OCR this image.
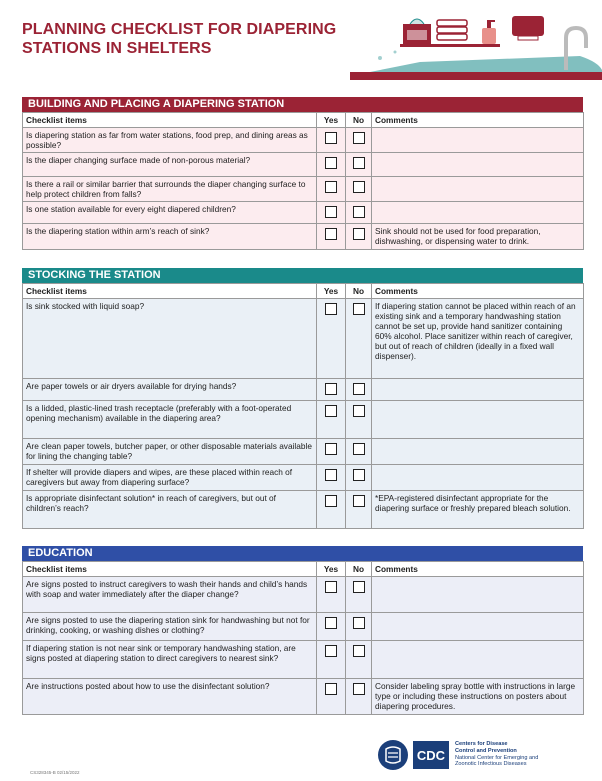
PLANNING CHECKLIST FOR DIAPERING STATIONS IN SHELTERS
BUILDING AND PLACING A DIAPERING STATION
Checklist items	Yes	No	Comments
Is diapering station as far from water stations, food prep, and dining areas as possible?			
Is the diaper changing surface made of non-porous material?			
Is there a rail or similar barrier that surrounds the diaper changing surface to help protect children from falls?			
Is one station available for every eight diapered children?			
Is the diapering station within arm’s reach of sink?			Sink should not be used for food preparation, dishwashing, or dispensing water to drink.
STOCKING THE STATION
Checklist items	Yes	No	Comments
Is sink stocked with liquid soap?			If diapering station cannot be placed within reach of an existing sink and a temporary handwashing station cannot be set up, provide hand sanitizer containing 60% alcohol. Place sanitizer within reach of caregiver, but out of reach of children (ideally in a fixed wall dispenser).
Are paper towels or air dryers available for drying hands?			
Is a lidded, plastic-lined trash receptacle (preferably with a foot-operated opening mechanism) available in the diapering area?			
Are clean paper towels, butcher paper, or other disposable materials available for lining the changing table?			
If shelter will provide diapers and wipes, are these placed within reach of caregivers but away from diapering surface?			
Is appropriate disinfectant solution* in reach of caregivers, but out of children’s reach?			*EPA-registered disinfectant appropriate for the diapering surface or freshly prepared bleach solution.
EDUCATION
Checklist items	Yes	No	Comments
Are signs posted to instruct caregivers to wash their hands and child’s hands with soap and water immediately after the diaper change?			
Are signs posted to use the diapering station sink for handwashing but not for drinking, cooking, or washing dishes or clothing?			
If diapering station is not near sink or temporary handwashing station, are signs posted at diapering station to direct caregivers to nearest sink?			
Are instructions posted about how to use the disinfectant solution?			Consider labeling spray bottle with instructions in large type or including these instructions on posters about diapering procedures.
CS328345-B 02/15/2022
CDC
Centers for Disease
Control and Prevention
National Center for Emerging and
Zoonotic Infectious Diseases
